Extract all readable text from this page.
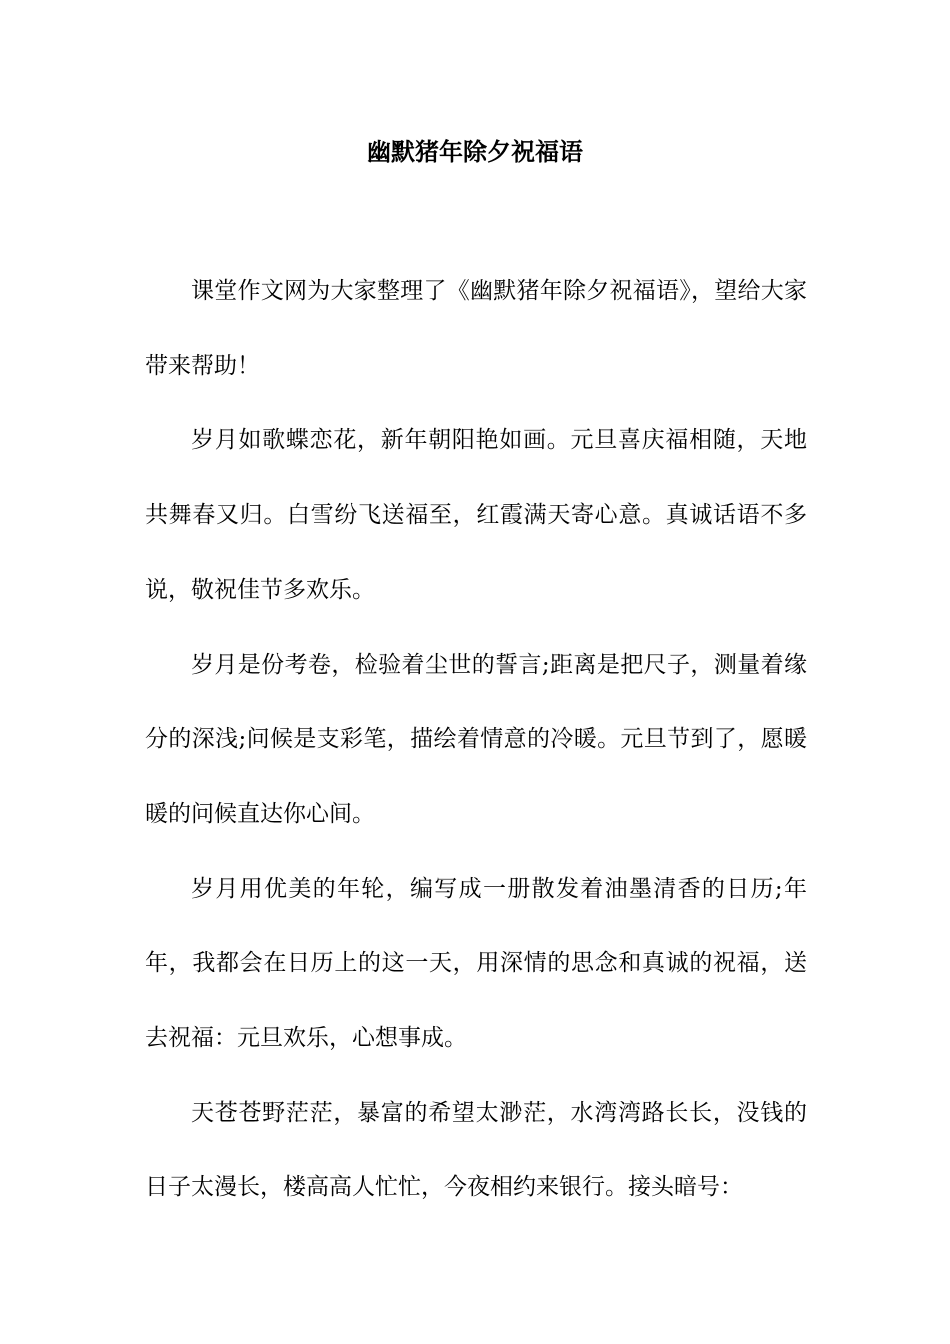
幽默猪年除夕祝福语

课堂作文网为大家整理了《幽默猪年除夕祝福语》，望给大家带来帮助！

岁月如歌蝶恋花，新年朝阳艳如画。元旦喜庆福相随，天地共舞春又归。白雪纷飞送福至，红霞满天寄心意。真诚话语不多说，敬祝佳节多欢乐。

岁月是份考卷，检验着尘世的誓言;距离是把尺子，测量着缘分的深浅;问候是支彩笔，描绘着情意的冷暖。元旦节到了，愿暖暖的问候直达你心间。

岁月用优美的年轮，编写成一册散发着油墨清香的日历;年年，我都会在日历上的这一天，用深情的思念和真诚的祝福，送去祝福：元旦欢乐，心想事成。

天苍苍野茫茫，暴富的希望太渺茫，水湾湾路长长，没钱的日子太漫长，楼高高人忙忙，今夜相约来银行。接头暗号：
